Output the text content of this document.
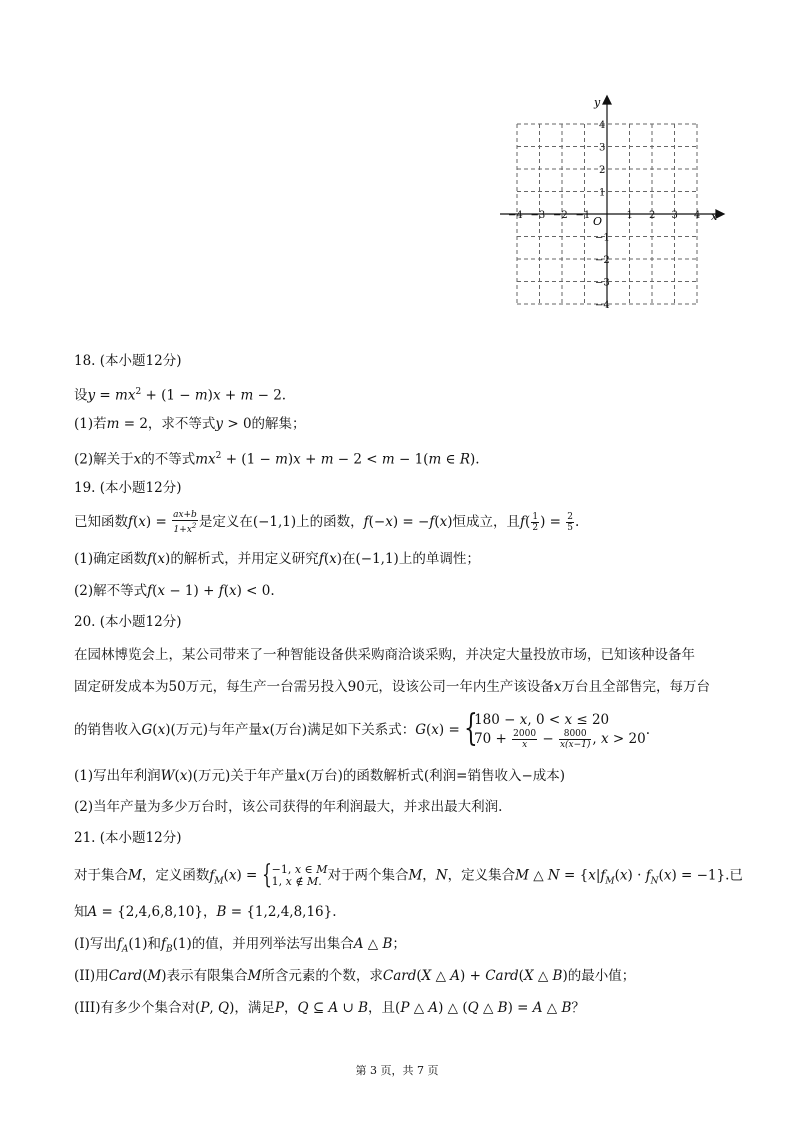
−4 −3 −2 −1	1 2 3 4
4
3
2
1
−1
−2
−3
−4
x
y
O
18. (本小题12分)
设$y = mx^2 + (1 - m)x + m - 2$.
(1)若m = 2，求不等式y > 0的解集；
(2)解关于x的不等式$mx^2 + (1 - m)x + m - 2 < m - 1(m$ ∈ R).
19. (本小题12分)
已知函数$f(x) = \frac{ax+b}{1+x^2}$ 是定义在(−1,1)上的函数，f(−x) = −f(x)恒成立，且$f( \frac{1}{2}$ ) = $\frac{2}{5}$ .
(1)确定函数f(x)的解析式，并用定义研究f(x)在(−1,1)上的单调性；
(2)解不等式f(x − 1) + f(x) < 0.
20. (本小题12分)
在园林博览会上，某公司带来了一种智能设备供采购商洽谈采购，并决定大量投放市场，已知该种设备年
固定研发成本为50万元，每生产一台需另投入90元，设该公司一年内生产该设备x万台且全部售完，每万台
的销售收入G(x)(万元)与年产量x(万台)满足如下关系式：G(x) = {
180 − x, 0 < x ≤ 20
$70 + \frac{2000}{x} - \frac{8000}{x(x-1)}$ , x > 20
.
(1)写出年利润W(x)(万元)关于年产量x(万台)的函数解析式(利润=销售收入−成本)
(2)当年产量为多少万台时，该公司获得的年利润最大，并求出最大利润.
21. (本小题12分)
对于集合M，定义函数$f_M(x)$ = { −1, x ∈ M
1, x ∉ M. 对于两个集合M，N，定义集合M △ $N = \{x|f_M(x) \cdot f_N(x) = -1\}$.已
知A = {2,4,6,8,10}，B = {1,2,4,8,16}.
(I)写出$f_A(1)$和$f_B(1)$的值，并用列举法写出集合A △ B；
(II)用Card(M)表示有限集合M所含元素的个数，求Card(X △ A) + Card(X △ B)的最小值；
(III)有多少个集合对(P, Q)，满足P，Q ⊆ A ∪ B，且(P △ A) △ (Q △ B) = A △ B？
第 3 页，共 7 页
